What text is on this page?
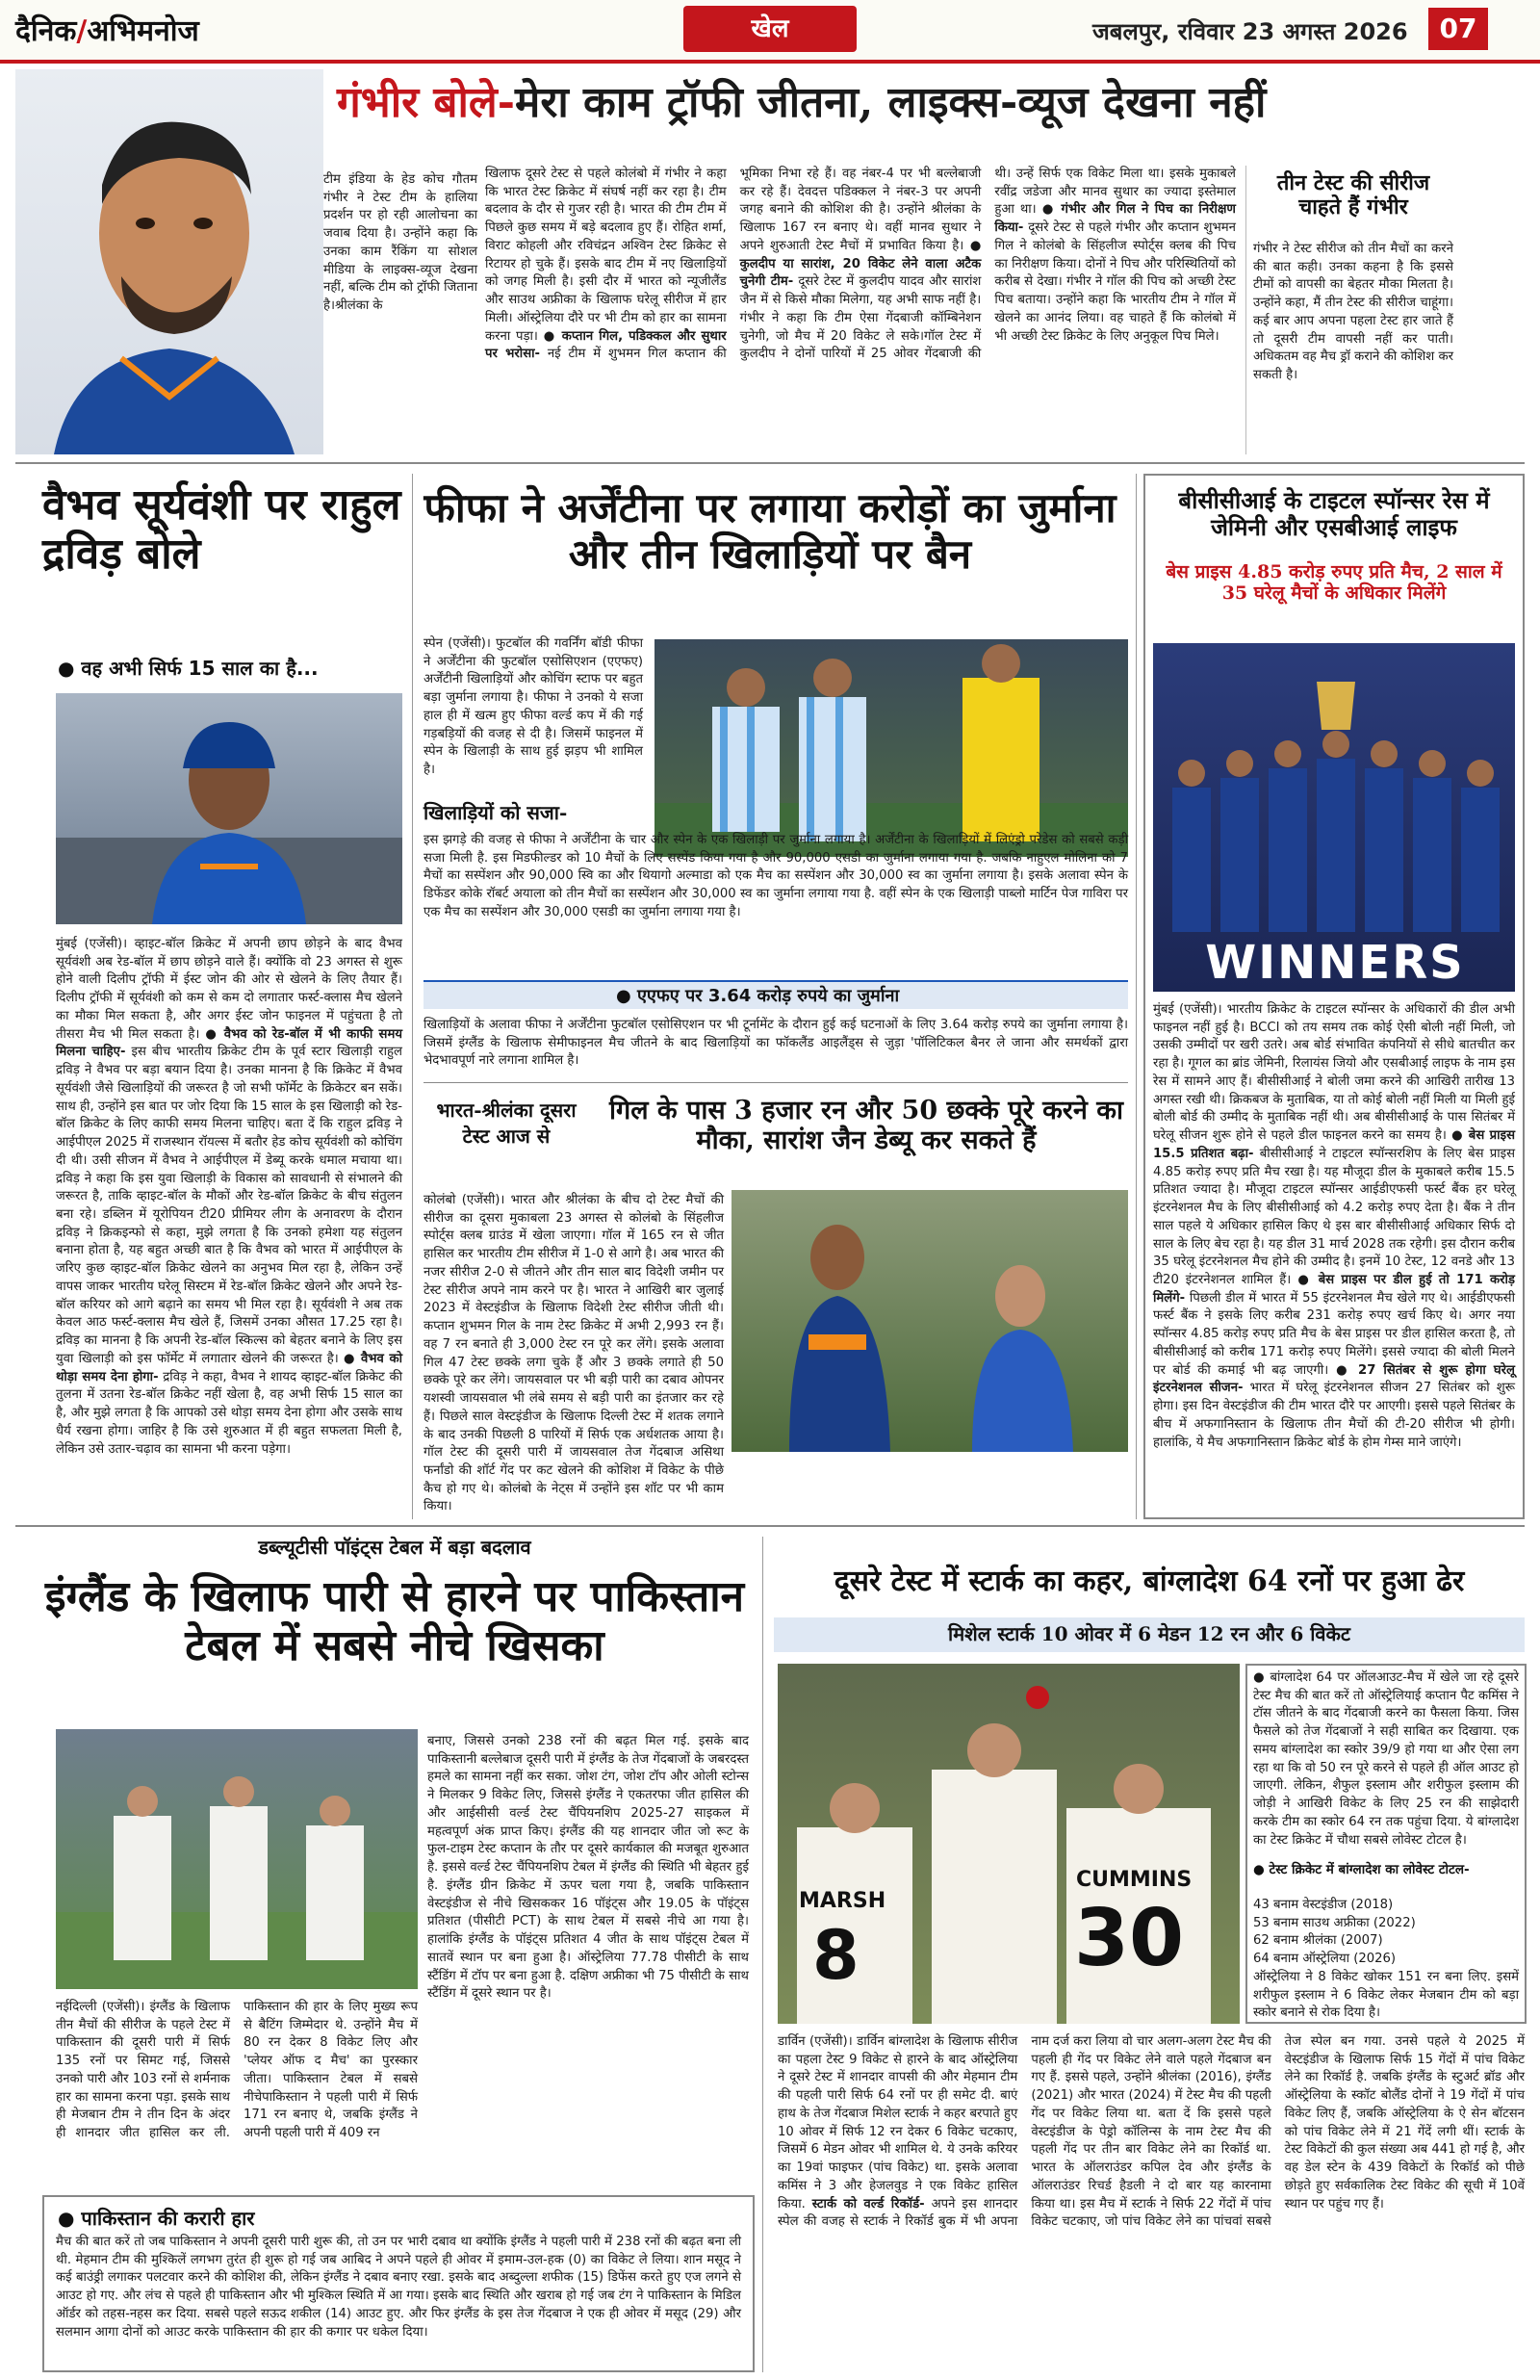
दैनिक/अभिमनोज	खेल	जबलपुर, रविवार 23 अगस्त 2026	07
गंभीर बोले-मेरा काम ट्रॉफी जीतना, लाइक्स-व्यूज देखना नहीं
टीम इंडिया के हेड कोच गौतम गंभीर ने टेस्ट टीम के हालिया प्रदर्शन पर हो रही आलोचना का जवाब दिया है। उन्होंने कहा कि उनका काम रैंकिंग या सोशल मीडिया के लाइक्स-व्यूज देखना नहीं, बल्कि टीम को ट्रॉफी जिताना है।श्रीलंका के
खिलाफ दूसरे टेस्ट से पहले कोलंबो में गंभीर ने कहा कि भारत टेस्ट क्रिकेट में संघर्ष नहीं कर रहा है। टीम बदलाव के दौर से गुजर रही है। भारत की टीम टीम में पिछले कुछ समय में बड़े बदलाव हुए हैं। रोहित शर्मा, विराट कोहली और रविचंद्रन अश्विन टेस्ट क्रिकेट से रिटायर हो चुके हैं। इसके बाद टीम में नए खिलाड़ियों को जगह मिली है। इसी दौर में भारत को न्यूजीलैंड और साउथ अफ्रीका के खिलाफ घरेलू सीरीज में हार मिली। ऑस्ट्रेलिया दौरे पर भी टीम को हार का सामना करना पड़ा। ● कप्तान गिल, पडिक्कल और सुथार पर भरोसा- नई टीम में शुभमन गिल कप्तान की भूमिका निभा रहे हैं। वह नंबर-4 पर भी बल्लेबाजी कर रहे हैं। देवदत्त पडिक्कल ने नंबर-3 पर अपनी जगह बनाने की कोशिश की है। उन्होंने श्रीलंका के खिलाफ 167 रन बनाए थे। वहीं मानव सुथार ने अपने शुरुआती टेस्ट मैचों में प्रभावित किया है। ● कुलदीप या सारांश, 20 विकेट लेने वाला अटैक चुनेगी टीम- दूसरे टेस्ट में कुलदीप यादव और सारांश जैन में से किसे मौका मिलेगा, यह अभी साफ नहीं है। गंभीर ने कहा कि टीम ऐसा गेंदबाजी कॉम्बिनेशन चुनेगी, जो मैच में 20 विकेट ले सके।गॉल टेस्ट में कुलदीप ने दोनों पारियों में 25 ओवर गेंदबाजी की थी। उन्हें सिर्फ एक विकेट मिला था। इसके मुकाबले रवींद्र जडेजा और मानव सुथार का ज्यादा इस्तेमाल हुआ था। ● गंभीर और गिल ने पिच का निरीक्षण किया- दूसरे टेस्ट से पहले गंभीर और कप्तान शुभमन गिल ने कोलंबो के सिंहलीज स्पोर्ट्स क्लब की पिच का निरीक्षण किया। दोनों ने पिच और परिस्थितियों को करीब से देखा। गंभीर ने गॉल की पिच को अच्छी टेस्ट पिच बताया। उन्होंने कहा कि भारतीय टीम ने गॉल में खेलने का आनंद लिया। वह चाहते हैं कि कोलंबो में भी अच्छी टेस्ट क्रिकेट के लिए अनुकूल पिच मिले।
तीन टेस्ट की सीरीज चाहते हैं गंभीर
गंभीर ने टेस्ट सीरीज को तीन मैचों का करने की बात कही। उनका कहना है कि इससे टीमों को वापसी का बेहतर मौका मिलता है। उन्होंने कहा, मैं तीन टेस्ट की सीरीज चाहूंगा। कई बार आप अपना पहला टेस्ट हार जाते हैं तो दूसरी टीम वापसी नहीं कर पाती। अधिकतम वह मैच ड्रॉ कराने की कोशिश कर सकती है।
वैभव सूर्यवंशी पर राहुल द्रविड़ बोले
● वह अभी सिर्फ 15 साल का है...
मुंबई (एजेंसी)। व्हाइट-बॉल क्रिकेट में अपनी छाप छोड़ने के बाद वैभव सूर्यवंशी अब रेड-बॉल में छाप छोड़ने वाले हैं। क्योंकि वो 23 अगस्त से शुरू होने वाली दिलीप ट्रॉफी में ईस्ट जोन की ओर से खेलने के लिए तैयार हैं। दिलीप ट्रॉफी में सूर्यवंशी को कम से कम दो लगातार फर्स्ट-क्लास मैच खेलने का मौका मिल सकता है, और अगर ईस्ट जोन फाइनल में पहुंचता है तो तीसरा मैच भी मिल सकता है। ● वैभव को रेड-बॉल में भी काफी समय मिलना चाहिए- इस बीच भारतीय क्रिकेट टीम के पूर्व स्टार खिलाड़ी राहुल द्रविड़ ने वैभव पर बड़ा बयान दिया है। उनका मानना है कि क्रिकेट में वैभव सूर्यवंशी जैसे खिलाड़ियों की जरूरत है जो सभी फॉर्मेट के क्रिकेटर बन सकें। साथ ही, उन्होंने इस बात पर जोर दिया कि 15 साल के इस खिलाड़ी को रेड-बॉल क्रिकेट के लिए काफी समय मिलना चाहिए। बता दें कि राहुल द्रविड़ ने आईपीएल 2025 में राजस्थान रॉयल्स में बतौर हेड कोच सूर्यवंशी को कोचिंग दी थी। उसी सीजन में वैभव ने आईपीएल में डेब्यू करके धमाल मचाया था। द्रविड़ ने कहा कि इस युवा खिलाड़ी के विकास को सावधानी से संभालने की जरूरत है, ताकि व्हाइट-बॉल के मौकों और रेड-बॉल क्रिकेट के बीच संतुलन बना रहे। डब्लिन में यूरोपियन टी20 प्रीमियर लीग के अनावरण के दौरान द्रविड़ ने क्रिकइन्फो से कहा, मुझे लगता है कि उनको हमेशा यह संतुलन बनाना होता है, यह बहुत अच्छी बात है कि वैभव को भारत में आईपीएल के जरिए कुछ व्हाइट-बॉल क्रिकेट खेलने का अनुभव मिल रहा है, लेकिन उन्हें वापस जाकर भारतीय घरेलू सिस्टम में रेड-बॉल क्रिकेट खेलने और अपने रेड-बॉल करियर को आगे बढ़ाने का समय भी मिल रहा है। सूर्यवंशी ने अब तक केवल आठ फर्स्ट-क्लास मैच खेले हैं, जिसमें उनका औसत 17.25 रहा है। द्रविड़ का मानना ​​है कि अपनी रेड-बॉल स्किल्स को बेहतर बनाने के लिए इस युवा खिलाड़ी को इस फॉर्मेट में लगातार खेलने की जरूरत है। ● वैभव को थोड़ा समय देना होगा- द्रविड़ ने कहा, वैभव ने शायद व्हाइट-बॉल क्रिकेट की तुलना में उतना रेड-बॉल क्रिकेट नहीं खेला है, वह अभी सिर्फ 15 साल का है, और मुझे लगता है कि आपको उसे थोड़ा समय देना होगा और उसके साथ धैर्य रखना होगा। जाहिर है कि उसे शुरुआत में ही बहुत सफलता मिली है, लेकिन उसे उतार-चढ़ाव का सामना भी करना पड़ेगा।
फीफा ने अर्जेंटीना पर लगाया करोड़ों का जुर्माना और तीन खिलाड़ियों पर बैन
स्पेन (एजेंसी)। फुटबॉल की गवर्निंग बॉडी फीफा ने अर्जेंटीना की फुटबॉल एसोसिएशन (एएफए) अर्जेंटीनी खिलाड़ियों और कोचिंग स्टाफ पर बहुत बड़ा जुर्माना लगाया है। फीफा ने उनको ये सजा हाल ही में खत्म हुए फीफा वर्ल्ड कप में की गई गड़बड़ियों की वजह से दी है। जिसमें फाइनल में स्पेन के खिलाड़ी के साथ हुई झड़प भी शामिल है।
खिलाड़ियों को सजा-
इस झगड़े की वजह से फीफा ने अर्जेंटीना के चार और स्पेन के एक खिलाड़ी पर जुर्माना लगाया है। अर्जेंटीना के खिलाड़ियों में लिएंड्रो परेडेस को सबसे कड़ी सजा मिली है. इस मिडफील्डर को 10 मैचों के लिए सस्पेंड किया गया है और 90,000 एसडी का जुर्माना लगाया गया है. जबकि नाहुएल मोलिना को 7 मैचों का सस्पेंशन और 90,000 स्वि का और थियागो अल्माडा को एक मैच का सस्पेंशन और 30,000 स्व का जुर्माना लगाया है। इसके अलावा स्पेन के डिफेंडर कोके रॉबर्ट अयाला को तीन मैचों का सस्पेंशन और 30,000 स्व का जुर्माना लगाया गया है. वहीं स्पेन के एक खिलाड़ी पाब्लो मार्टिन पेज गाविरा पर एक मैच का सस्पेंशन और 30,000 एसडी का जुर्माना लगाया गया है।
● एएफए पर 3.64 करोड़ रुपये का जुर्माना
खिलाड़ियों के अलावा फीफा ने अर्जेंटीना फुटबॉल एसोसिएशन पर भी टूर्नामेंट के दौरान हुई कई घटनाओं के लिए 3.64 करोड़ रुपये का जुर्माना लगाया है। जिसमें इंग्लैंड के खिलाफ सेमीफाइनल मैच जीतने के बाद खिलाड़ियों का फॉकलैंड आइलैंड्स से जुड़ा 'पॉलिटिकल बैनर ले जाना और समर्थकों द्वारा भेदभावपूर्ण नारे लगाना शामिल है।
भारत-श्रीलंका दूसरा टेस्ट आज से
गिल के पास 3 हजार रन और 50 छक्के पूरे करने का मौका, सारांश जैन डेब्यू कर सकते हैं
कोलंबो (एजेंसी)। भारत और श्रीलंका के बीच दो टेस्ट मैचों की सीरीज का दूसरा मुकाबला 23 अगस्त से कोलंबो के सिंहलीज स्पोर्ट्स क्लब ग्राउंड में खेला जाएगा। गॉल में 165 रन से जीत हासिल कर भारतीय टीम सीरीज में 1-0 से आगे है। अब भारत की नजर सीरीज 2-0 से जीतने और तीन साल बाद विदेशी जमीन पर टेस्ट सीरीज अपने नाम करने पर है। भारत ने आखिरी बार जुलाई 2023 में वेस्टइंडीज के खिलाफ विदेशी टेस्ट सीरीज जीती थी। कप्तान शुभमन गिल के नाम टेस्ट क्रिकेट में अभी 2,993 रन हैं। वह 7 रन बनाते ही 3,000 टेस्ट रन पूरे कर लेंगे। इसके अलावा गिल 47 टेस्ट छक्के लगा चुके हैं और 3 छक्के लगाते ही 50 छक्के पूरे कर लेंगे। जायसवाल पर भी बड़ी पारी का दबाव ओपनर यशस्वी जायसवाल भी लंबे समय से बड़ी पारी का इंतजार कर रहे हैं। पिछले साल वेस्टइंडीज के खिलाफ दिल्ली टेस्ट में शतक लगाने के बाद उनकी पिछली 8 पारियों में सिर्फ एक अर्धशतक आया है।गॉल टेस्ट की दूसरी पारी में जायसवाल तेज गेंदबाज असिथा फर्नांडो की शॉर्ट गेंद पर कट खेलने की कोशिश में विकेट के पीछे कैच हो गए थे। कोलंबो के नेट्स में उन्होंने इस शॉट पर भी काम किया।
बीसीसीआई के टाइटल स्पॉन्सर रेस में जेमिनी और एसबीआई लाइफ
बेस प्राइस 4.85 करोड़ रुपए प्रति मैच, 2 साल में 35 घरेलू मैचों के अधिकार मिलेंगे
WINNERS
मुंबई (एजेंसी)। भारतीय क्रिकेट के टाइटल स्पॉन्सर के अधिकारों की डील अभी फाइनल नहीं हुई है। BCCI को तय समय तक कोई ऐसी बोली नहीं मिली, जो उसकी उम्मीदों पर खरी उतरे। अब बोर्ड संभावित कंपनियों से सीधे बातचीत कर रहा है। गूगल का ब्रांड जेमिनी, रिलायंस जियो और एसबीआई लाइफ के नाम इस रेस में सामने आए हैं। बीसीसीआई ने बोली जमा करने की आखिरी तारीख 13 अगस्त रखी थी। क्रिकबज के मुताबिक, या तो कोई बोली नहीं मिली या मिली हुई बोली बोर्ड की उम्मीद के मुताबिक नहीं थी। अब बीसीसीआई के पास सितंबर में घरेलू सीजन शुरू होने से पहले डील फाइनल करने का समय है। ● बेस प्राइस 15.5 प्रतिशत बढ़ा- बीसीसीआई ने टाइटल स्पॉन्सरशिप के लिए बेस प्राइस 4.85 करोड़ रुपए प्रति मैच रखा है। यह मौजूदा डील के मुकाबले करीब 15.5 प्रतिशत ज्यादा है। मौजूदा टाइटल स्पॉन्सर आईडीएफसी फर्स्ट बैंक हर घरेलू इंटरनेशनल मैच के लिए बीसीसीआई को 4.2 करोड़ रुपए देता है। बैंक ने तीन साल पहले ये अधिकार हासिल किए थे इस बार बीसीसीआई अधिकार सिर्फ दो साल के लिए बेच रहा है। यह डील 31 मार्च 2028 तक रहेगी। इस दौरान करीब 35 घरेलू इंटरनेशनल मैच होने की उम्मीद है। इनमें 10 टेस्ट, 12 वनडे और 13 टी20 इंटरनेशनल शामिल हैं। ● बेस प्राइस पर डील हुई तो 171 करोड़ मिलेंगे- पिछली डील में भारत में 55 इंटरनेशनल मैच खेले गए थे। आईडीएफसी फर्स्ट बैंक ने इसके लिए करीब 231 करोड़ रुपए खर्च किए थे। अगर नया स्पॉन्सर 4.85 करोड़ रुपए प्रति मैच के बेस प्राइस पर डील हासिल करता है, तो बीसीसीआई को करीब 171 करोड़ रुपए मिलेंगे। इससे ज्यादा की बोली मिलने पर बोर्ड की कमाई भी बढ़ जाएगी। ● 27 सितंबर से शुरू होगा घरेलू इंटरनेशनल सीजन- भारत में घरेलू इंटरनेशनल सीजन 27 सितंबर को शुरू होगा। इस दिन वेस्टइंडीज की टीम भारत दौरे पर आएगी। इससे पहले सितंबर के बीच में अफगानिस्तान के खिलाफ तीन मैचों की टी-20 सीरीज भी होगी। हालांकि, ये मैच अफगानिस्तान क्रिकेट बोर्ड के होम गेम्स माने जाएंगे।
डब्ल्यूटीसी पॉइंट्स टेबल में बड़ा बदलाव
इंग्लैंड के खिलाफ पारी से हारने पर पाकिस्तान टेबल में सबसे नीचे खिसका
बनाए, जिससे उनको 238 रनों की बढ़त मिल गई. इसके बाद पाकिस्तानी बल्लेबाज दूसरी पारी में इंग्लैंड के तेज गेंदबाजों के जबरदस्त हमले का सामना नहीं कर सका. जोश टंग, जोश टॉप और ओली स्टोन्स ने मिलकर 9 विकेट लिए, जिससे इंग्लैंड ने एकतरफा जीत हासिल की और आईसीसी वर्ल्ड टेस्ट चैंपियनशिप 2025-27 साइकल में महत्वपूर्ण अंक प्राप्त किए। इंग्लैंड की यह शानदार जीत जो रूट के फुल-टाइम टेस्ट कप्तान के तौर पर दूसरे कार्यकाल की मजबूत शुरुआत है. इससे वर्ल्ड टेस्ट चैंपियनशिप टेबल में इंग्लैंड की स्थिति भी बेहतर हुई है. इंग्लैंड ग्रीन क्रिकेट में ऊपर चला गया है, जबकि पाकिस्तान वेस्टइंडीज से नीचे खिसककर 16 पॉइंट्स और 19.05 के पॉइंट्स प्रतिशत (पीसीटी PCT) के साथ टेबल में सबसे नीचे आ गया है। हालांकि इंग्लैंड के पॉइंट्स प्रतिशत 4 जीत के साथ पॉइंट्स टेबल में सातवें स्थान पर बना हुआ है। ऑस्ट्रेलिया 77.78 पीसीटी के साथ स्टैंडिंग में टॉप पर बना हुआ है. दक्षिण अफ्रीका भी 75 पीसीटी के साथ स्टैंडिंग में दूसरे स्थान पर है।
नईदिल्ली (एजेंसी)। इंग्लैंड के खिलाफ तीन मैचों की सीरीज के पहले टेस्ट में पाकिस्तान की दूसरी पारी में सिर्फ 135 रनों पर सिमट गई, जिससे उनको पारी और 103 रनों से शर्मनाक हार का सामना करना पड़ा. इसके साथ ही मेजबान टीम ने तीन दिन के अंदर ही शानदार जीत हासिल कर ली. पाकिस्तान की हार के लिए मुख्य रूप से बैटिंग जिम्मेदार थे. उन्होंने मैच में 80 रन देकर 8 विकेट लिए और 'प्लेयर ऑफ द मैच' का पुरस्कार जीता। पाकिस्तान टेबल में सबसे नीचेपाकिस्तान ने पहली पारी में सिर्फ 171 रन बनाए थे, जबकि इंग्लैंड ने अपनी पहली पारी में 409 रन
● पाकिस्तान की करारी हार
मैच की बात करें तो जब पाकिस्तान ने अपनी दूसरी पारी शुरू की, तो उन पर भारी दबाव था क्योंकि इंग्लैंड ने पहली पारी में 238 रनों की बढ़त बना ली थी. मेहमान टीम की मुश्किलें लगभग तुरंत ही शुरू हो गई जब आबिद ने अपने पहले ही ओवर में इमाम-उल-हक (0) का विकेट ले लिया। शान मसूद ने कई बाउंड्री लगाकर पलटवार करने की कोशिश की, लेकिन इंग्लैंड ने दबाव बनाए रखा. इसके बाद अब्दुल्ला शफीक (15) डिफेंस करते हुए एज लगने से आउट हो गए. और लंच से पहले ही पाकिस्तान और भी मुश्किल स्थिति में आ गया। इसके बाद स्थिति और खराब हो गई जब टंग ने पाकिस्तान के मिडिल ऑर्डर को तहस-नहस कर दिया. सबसे पहले सऊद शकील (14) आउट हुए. और फिर इंग्लैंड के इस तेज गेंदबाज ने एक ही ओवर में मसूद (29) और सलमान आगा दोनों को आउट करके पाकिस्तान की हार की कगार पर धकेल दिया।
दूसरे टेस्ट में स्टार्क का कहर, बांग्लादेश 64 रनों पर हुआ ढेर
मिशेल स्टार्क 10 ओवर में 6 मेडन 12 रन और 6 विकेट
MARSH
8
CUMMINS
30
● बांग्लादेश 64 पर ऑलआउट-मैच में खेले जा रहे दूसरे टेस्ट मैच की बात करें तो ऑस्ट्रेलियाई कप्तान पैट कमिंस ने टॉस जीतने के बाद गेंदबाजी करने का फैसला किया. जिस फैसले को तेज गेंदबाजों ने सही साबित कर दिखाया. एक समय बांग्लादेश का स्कोर 39/9 हो गया था और ऐसा लग रहा था कि वो 50 रन पूरे करने से पहले ही ऑल आउट हो जाएगी. लेकिन, शैफुल इस्लाम और शरीफुल इस्लाम की जोड़ी ने आखिरी विकेट के लिए 25 रन की साझेदारी करके टीम का स्कोर 64 रन तक पहुंचा दिया. ये बांग्लादेश का टेस्ट क्रिकेट में चौथा सबसे लोवेस्ट टोटल है।
● टेस्ट क्रिकेट में बांग्लादेश का लोवेस्ट टोटल-
43 बनाम वेस्टइंडीज (2018)
53 बनाम साउथ अफ्रीका (2022)
62 बनाम श्रीलंका (2007)
64 बनाम ऑस्ट्रेलिया (2026)
ऑस्ट्रेलिया ने 8 विकेट खोकर 151 रन बना लिए. इसमें शरीफुल इस्लाम ने 6 विकेट लेकर मेजबान टीम को बड़ा स्कोर बनाने से रोक दिया है।
डार्विन (एजेंसी)। डार्विन बांग्लादेश के खिलाफ सीरीज का पहला टेस्ट 9 विकेट से हारने के बाद ऑस्ट्रेलिया ने दूसरे टेस्ट में शानदार वापसी की और मेहमान टीम की पहली पारी सिर्फ 64 रनों पर ही समेट दी. बाएं हाथ के तेज गेंदबाज मिशेल स्टार्क ने कहर बरपाते हुए 10 ओवर में सिर्फ 12 रन देकर 6 विकेट चटकाए, जिसमें 6 मेडन ओवर भी शामिल थे. ये उनके करियर का 19वां फाइफर (पांच विकेट) था. इसके अलावा कमिंस ने 3 और हेजलवुड ने एक विकेट हासिल किया. स्टार्क को वर्ल्ड रिकॉर्ड- अपने इस शानदार स्पेल की वजह से स्टार्क ने रिकॉर्ड बुक में भी अपना नाम दर्ज करा लिया वो चार अलग-अलग टेस्ट मैच की पहली ही गेंद पर विकेट लेने वाले पहले गेंदबाज बन गए हैं. इससे पहले, उन्होंने श्रीलंका (2016), इंग्लैंड (2021) और भारत (2024) में टेस्ट मैच की पहली गेंद पर विकेट लिया था. बता दें कि इससे पहले वेस्टइंडीज के पेड्रो कॉलिन्स के नाम टेस्ट मैच की पहली गेंद पर तीन बार विकेट लेने का रिकॉर्ड था. भारत के ऑलराउंडर कपिल देव और इंग्लैंड के ऑलराउंडर रिचर्ड हैडली ने दो बार यह कारनामा किया था। इस मैच में स्टार्क ने सिर्फ 22 गेंदों में पांच विकेट चटकाए, जो पांच विकेट लेने का पांचवां सबसे तेज स्पेल बन गया. उनसे पहले ये 2025 में वेस्टइंडीज के खिलाफ सिर्फ 15 गेंदों में पांच विकेट लेने का रिकॉर्ड है. जबकि इंग्लैंड के स्टुअर्ट ब्रॉड और ऑस्ट्रेलिया के स्कॉट बोलैंड दोनों ने 19 गेंदों में पांच विकेट लिए हैं, जबकि ऑस्ट्रेलिया के ऐ सेन बॉटसन को पांच विकेट लेने में 21 गेंदें लगी थीं। स्टार्क के टेस्ट विकेटों की कुल संख्या अब 441 हो गई है, और वह डेल स्टेन के 439 विकेटों के रिकॉर्ड को पीछे छोड़ते हुए सर्वकालिक टेस्ट विकेट की सूची में 10वें स्थान पर पहुंच गए हैं।
